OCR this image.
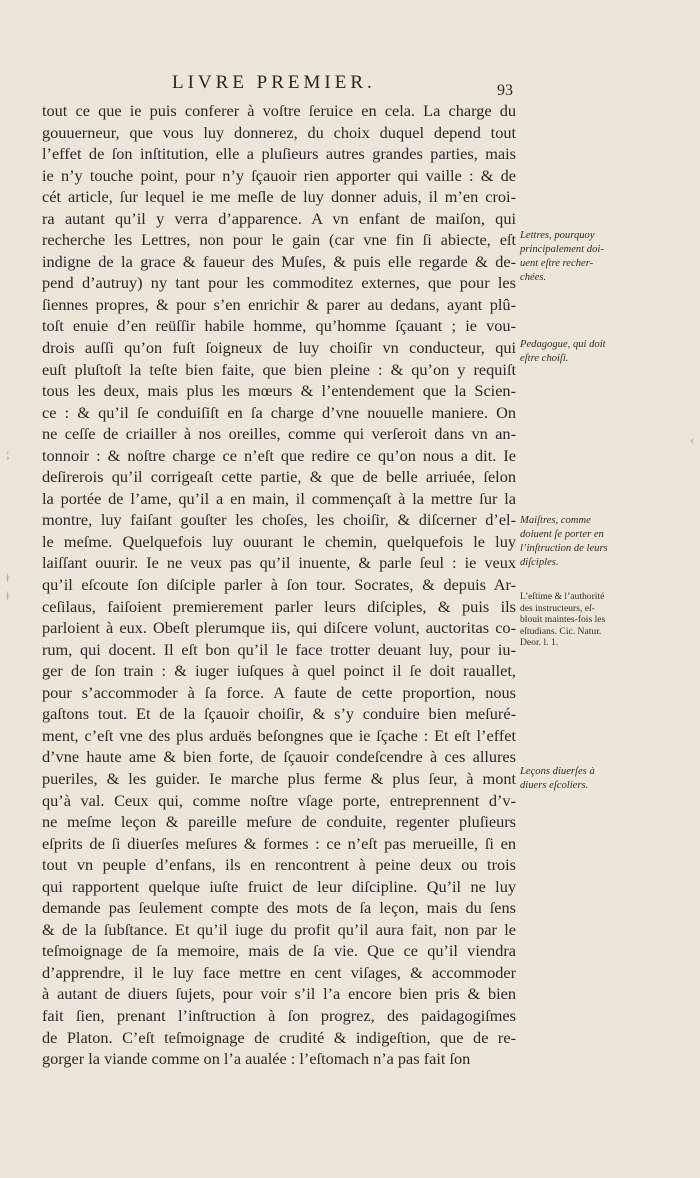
LIVRE PREMIER.	93
tout ce que ie puis conferer à voſtre ſeruice en cela. La charge du
gouuerneur, que vous luy donnerez, du choix duquel depend tout
l’effet de ſon inſtitution, elle a pluſieurs autres grandes parties, mais
ie n’y touche point, pour n’y ſçauoir rien apporter qui vaille : & de
cét article, ſur lequel ie me meſle de luy donner aduis, il m’en croi-
ra autant qu’il y verra d’apparence. A vn enfant de maiſon, qui
recherche les Lettres, non pour le gain (car vne fin ſi abiecte, eſt
indigne de la grace & faueur des Muſes, & puis elle regarde & de-
pend d’autruy) ny tant pour les commoditez externes, que pour les
ſiennes propres, & pour s’en enrichir & parer au dedans, ayant plû-
toſt enuie d’en reüſſir habile homme, qu’homme ſçauant ; ie vou-
drois auſſi qu’on fuſt ſoigneux de luy choiſir vn conducteur, qui
euſt pluſtoſt la teſte bien faite, que bien pleine : & qu’on y requiſt
tous les deux, mais plus les mœurs & l’entendement que la Scien-
ce : & qu’il ſe conduiſiſt en ſa charge d’vne nouuelle maniere. On
ne ceſſe de criailler à nos oreilles, comme qui verſeroit dans vn an-
tonnoir : & noſtre charge ce n’eſt que redire ce qu’on nous a dit. Ie
deſirerois qu’il corrigeaſt cette partie, & que de belle arriuée, ſelon
la portée de l’ame, qu’il a en main, il commençaſt à la mettre ſur la
montre, luy faiſant gouſter les choſes, les choiſir, & diſcerner d’el-
le meſme. Quelquefois luy ouurant le chemin, quelquefois le luy
laiſſant ouurir. Ie ne veux pas qu’il inuente, & parle ſeul : ie veux
qu’il eſcoute ſon diſciple parler à ſon tour. Socrates, & depuis Ar-
ceſilaus, faiſoient premierement parler leurs diſciples, & puis ils
parloient à eux. Obeſt plerumque iis, qui diſcere volunt, auctoritas co-
rum, qui docent. Il eſt bon qu’il le face trotter deuant luy, pour iu-
ger de ſon train : & iuger iuſques à quel poinct il ſe doit rauallet,
pour s’accommoder à ſa force. A faute de cette proportion, nous
gaſtons tout. Et de la ſçauoir choiſir, & s’y conduire bien meſuré-
ment, c’eſt vne des plus arduës beſongnes que ie ſçache : Et eſt l’effet
d’vne haute ame & bien forte, de ſçauoir condeſcendre à ces allures
pueriles, & les guider. Ie marche plus ferme & plus ſeur, à mont
qu’à val. Ceux qui, comme noſtre vſage porte, entreprennent d’v-
ne meſme leçon & pareille meſure de conduite, regenter pluſieurs
eſprits de ſi diuerſes meſures & formes : ce n’eſt pas merueille, ſi en
tout vn peuple d’enfans, ils en rencontrent à peine deux ou trois
qui rapportent quelque iuſte fruict de leur diſcipline. Qu’il ne luy
demande pas ſeulement compte des mots de ſa leçon, mais du ſens
& de la ſubſtance. Et qu’il iuge du profit qu’il aura fait, non par le
teſmoignage de ſa memoire, mais de ſa vie. Que ce qu’il viendra
d’apprendre, il le luy face mettre en cent viſages, & accommoder
à autant de diuers ſujets, pour voir s’il l’a encore bien pris & bien
fait ſien, prenant l’inſtruction à ſon progrez, des paidagogiſmes
de Platon. C’eſt teſmoignage de crudité & indigeſtion, que de re-
gorger la viande comme on l’a aualée : l’eſtomach n’a pas fait ſon
Lettres, pourquoy
principalement doi-
uent eſtre recher-
chées.
Pedagogue, qui doit
eſtre choiſi.
Maiſtres, comme
doiuent ſe porter en
l’inſtruction de leurs
diſciples.
L’eſtime & l’authorité
des instructeurs, eſ-
blouit maintes-fois les
eſtudians. Cic. Natur.
Deor. l. 1.
Leçons diuerſes à
diuers eſcoliers.
;
ǂ
ǂ
‹
